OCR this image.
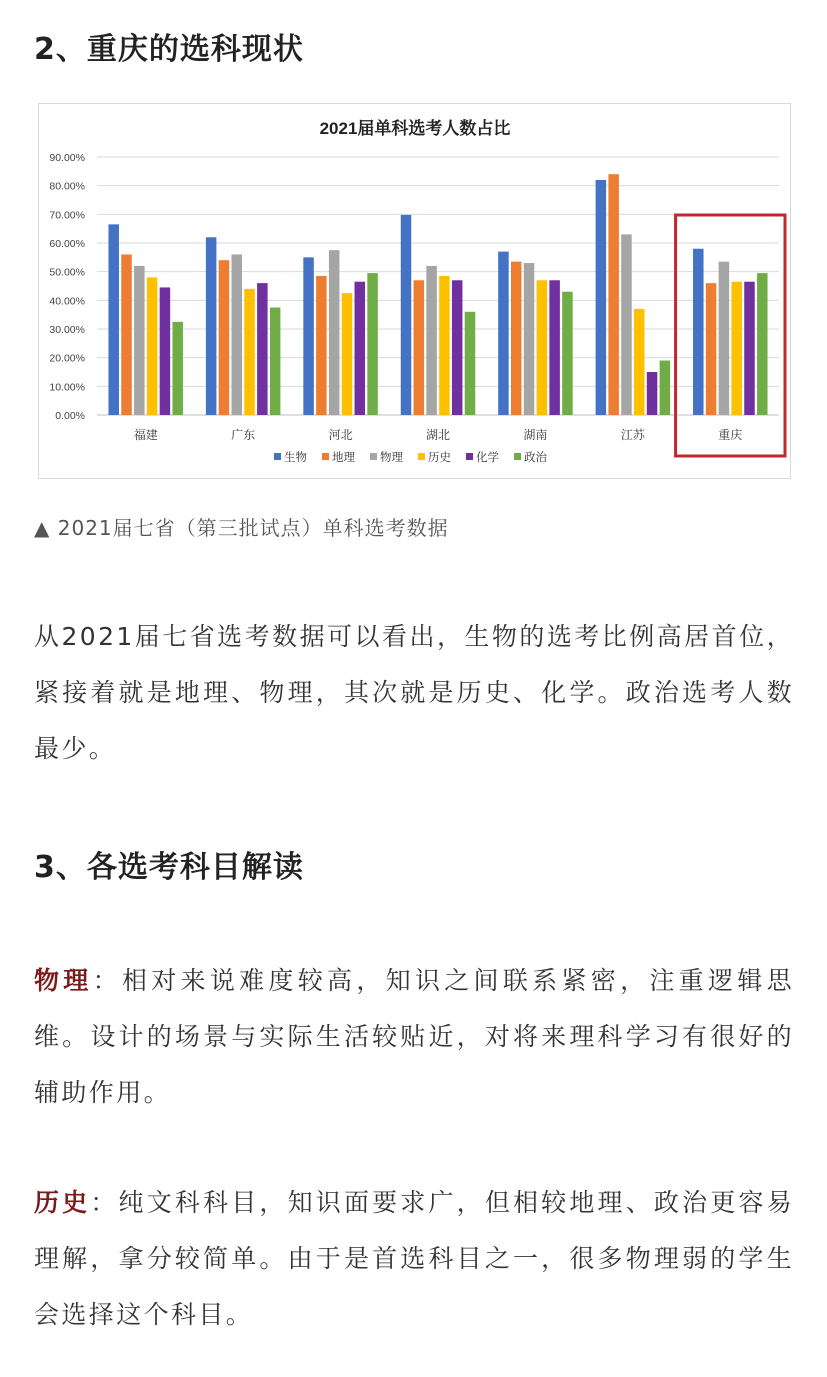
2、重庆的选科现状
2021届单科选考人数占比
0.00%
10.00%
20.00%
30.00%
40.00%
50.00%
60.00%
70.00%
80.00%
90.00%
福建	广东	河北	湖北	湖南	江苏	重庆
生物 地理 物理 历史 化学 政治

▲ 2021届七省（第三批试点）单科选考数据

从2021届七省选考数据可以看出，生物的选考比例高居首位，紧接着就是地理、物理，其次就是历史、化学。政治选考人数最少。

3、各选考科目解读

物理：相对来说难度较高，知识之间联系紧密，注重逻辑思维。设计的场景与实际生活较贴近，对将来理科学习有很好的辅助作用。

历史：纯文科科目，知识面要求广，但相较地理、政治更容易理解，拿分较简单。由于是首选科目之一，很多物理弱的学生会选择这个科目。
